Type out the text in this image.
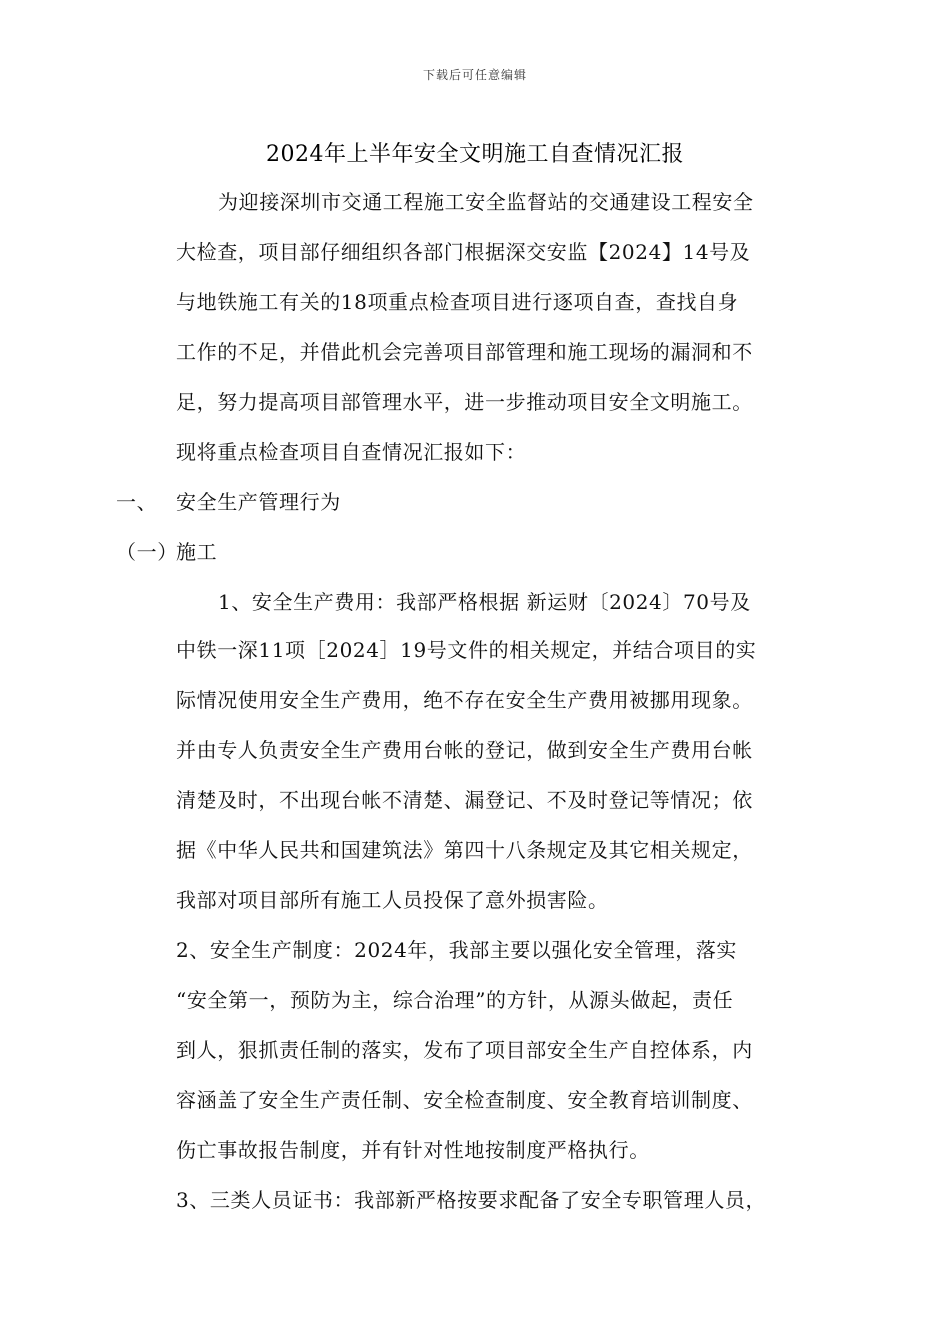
下载后可任意编辑
2024年上半年安全文明施工自查情况汇报
为迎接深圳市交通工程施工安全监督站的交通建设工程安全
大检查，项目部仔细组织各部门根据深交安监【2024】14号及
与地铁施工有关的18项重点检查项目进行逐项自查，查找自身
工作的不足，并借此机会完善项目部管理和施工现场的漏洞和不
足，努力提高项目部管理水平，进一步推动项目安全文明施工。
现将重点检查项目自查情况汇报如下：
一、 安全生产管理行为
（一）施工
1、安全生产费用：我部严格根据 新运财〔2024〕70号及
中铁一深11项［2024］19号文件的相关规定，并结合项目的实
际情况使用安全生产费用，绝不存在安全生产费用被挪用现象。
并由专人负责安全生产费用台帐的登记，做到安全生产费用台帐
清楚及时，不出现台帐不清楚、漏登记、不及时登记等情况；依
据《中华人民共和国建筑法》第四十八条规定及其它相关规定，
我部对项目部所有施工人员投保了意外损害险。
2、安全生产制度：2024年，我部主要以强化安全管理，落实
“安全第一，预防为主，综合治理”的方针，从源头做起，责任
到人，狠抓责任制的落实，发布了项目部安全生产自控体系，内
容涵盖了安全生产责任制、安全检查制度、安全教育培训制度、
伤亡事故报告制度，并有针对性地按制度严格执行。
3、三类人员证书：我部新严格按要求配备了安全专职管理人员，
